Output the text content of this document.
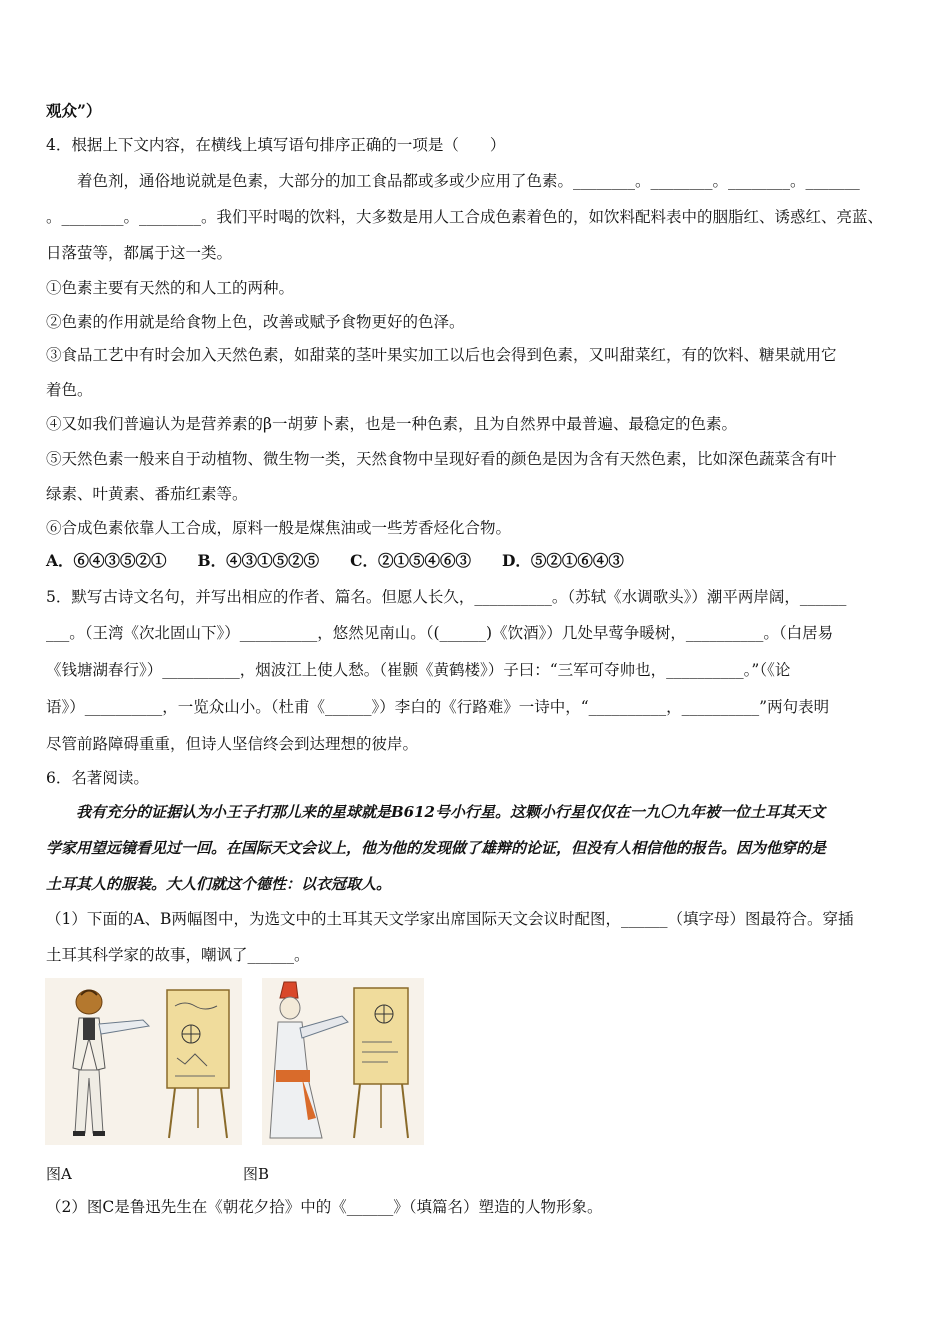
观众”）
4．根据上下文内容，在横线上填写语句排序正确的一项是（　　）
　　着色剂，通俗地说就是色素，大部分的加工食品都或多或少应用了色素。________。________。________。_______
。________。________。我们平时喝的饮料，大多数是用人工合成色素着色的，如饮料配料表中的胭脂红、诱惑红、亮蓝、
日落萤等，都属于这一类。
①色素主要有天然的和人工的两种。
②色素的作用就是给食物上色，改善或赋予食物更好的色泽。
③食品工艺中有时会加入天然色素，如甜菜的茎叶果实加工以后也会得到色素，又叫甜菜红，有的饮料、糖果就用它
着色。
④又如我们普遍认为是营养素的β一胡萝卜素，也是一种色素，且为自然界中最普遍、最稳定的色素。
⑤天然色素一般来自于动植物、微生物一类，天然食物中呈现好看的颜色是因为含有天然色素，比如深色蔬菜含有叶
绿素、叶黄素、番茄红素等。
⑥合成色素依靠人工合成，原料一般是煤焦油或一些芳香烃化合物。
A．⑥④③⑤②①　　B．④③①⑤②⑤　　C．②①⑤④⑥③　　D．⑤②①⑥④③
5．默写古诗文名句，并写出相应的作者、篇名。但愿人长久，__________。（苏轼《水调歌头》）潮平两岸阔，______
___。（王湾《次北固山下》）__________，悠然见南山。（(______)《饮酒》）几处早莺争暖树，__________。（白居易
《钱塘湖春行》）__________，烟波江上使人愁。（崔颢《黄鹤楼》）子曰：“三军可夺帅也，__________。”（《论
语》）__________，一览众山小。（杜甫《______》）李白的《行路难》一诗中，“__________，__________”两句表明
尽管前路障碍重重，但诗人坚信终会到达理想的彼岸。
6．名著阅读。
　　我有充分的证据认为小王子打那儿来的星球就是B612号小行星。这颗小行星仅仅在一九〇九年被一位土耳其天文
学家用望远镜看见过一回。在国际天文会议上，他为他的发现做了雄辩的论证，但没有人相信他的报告。因为他穿的是
土耳其人的服装。大人们就这个德性：以衣冠取人。
（1）下面的A、B两幅图中，为选文中的土耳其天文学家出席国际天文会议时配图，______（填字母）图最符合。穿插
土耳其科学家的故事，嘲讽了______。
图A	图B
（2）图C是鲁迅先生在《朝花夕拾》中的《______》（填篇名）塑造的人物形象。
